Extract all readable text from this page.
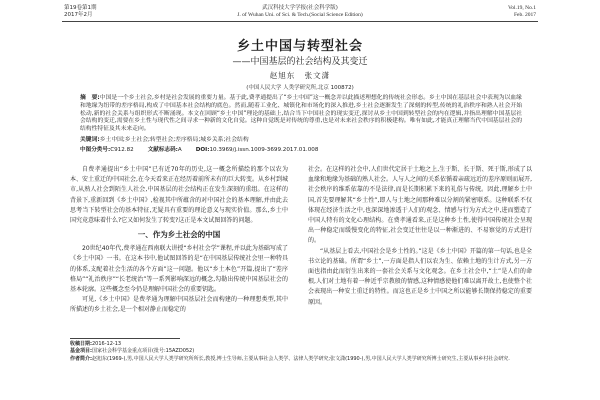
第19卷第1期
2017年2月
武汉科技大学学报(社会科学版)
J. of Wuhan Uni. of Sci. & Tech.(Social Science Edition)
Vol.19, No.1
Feb. 2017
乡土中国与转型社会
——中国基层的社会结构及其变迁
赵旭东 张文潇
(中国人民大学 人类学研究所,北京 100872)
摘　要:中国是一个乡土社会,乡村是社会发展的重要力量。基于此,费孝通提出了“乡土中国”这一概念并以此描述理想化的传统社会形态。乡土中国在基层社会中表现为以血缘和地缘为纽带的差序格局,构成了中国基本社会结构的底色。然而,随着工业化、城镇化和市场化的深入推进,乡土社会逐渐发生了深刻的转型,传统的礼治秩序和熟人社会开始松动,新的社会关系与组织形式不断涌现。本文在回顾“乡土中国”理论的基础上,结合当下中国社会的现实变迁,探讨从乡土中国到转型社会的内在逻辑,并指出理解中国基层社会结构的变迁,需要在乡土性与现代性之间寻求一种新的文化自觉。这种自觉既是对传统的尊重,也是对未来社会秩序的积极建构。唯有如此,才能真正理解当代中国基层社会的结构性特征及其未来走向。
关键词:乡土中国;乡土社会;转型社会;差序格局;城乡关系;社会结构
中图分类号:C912.82	文献标志码:A	DOI:10.3969/j.issn.1009-3699.2017.01.008

自费孝通提出“乡土中国”已有近70年的历史,这一概念所描绘的那个以农为本、安土重迁的中国社会,在今天看来正在经历着前所未有的巨大转变。从乡村到城市,从熟人社会到陌生人社会,中国基层的社会结构正在发生深刻的重组。在这样的背景下,重新回到《乡土中国》,检视其中所蕴含的对中国社会的基本理解,并由此去思考当下转型社会的基本特征,无疑具有重要的理论意义与现实价值。那么,乡土中国究竟意味着什么?它又如何发生了转变?这正是本文试图回答的问题。

一、作为乡土社会的中国

20世纪40年代,费孝通在西南联大讲授“乡村社会学”课程,并以此为基础写成了《乡土中国》一书。在这本书中,他试图回答的是“在中国基层传统社会里一种特具的体系,支配着社会生活的各个方面”这一问题。他以“乡土本色”开篇,提出了“差序格局”“礼治秩序”“长老统治”等一系列影响深远的概念,勾勒出传统中国基层社会的基本轮廓。这些概念至今仍是理解中国社会的重要钥匙。

可见,《乡土中国》是费孝通为理解中国基层社会而构建的一种理想类型,其中所描述的乡土社会,是一个相对静止而稳定的

社会。在这样的社会中,人们世代定居于土地之上,生于斯、长于斯、死于斯,形成了以血缘和地缘为基础的熟人社会。人与人之间的关系依循着亲疏远近的差序原则而展开,社会秩序的维系依靠的不是法律,而是长期积累下来的礼俗与传统。因此,理解乡土中国,首先要理解其“乡土性”,即人与土地之间那种难以分割的紧密联系。这种联系不仅体现在经济生活之中,也深深地渗透于人们的观念、情感与行为方式之中,进而塑造了中国人特有的文化心理结构。在费孝通看来,正是这种乡土性,使得中国传统社会呈现出一种稳定而缓慢变化的特征,社会变迁往往是以一种渐进的、不易察觉的方式进行的。

“从基层上看去,中国社会是乡土性的。”这是《乡土中国》开篇的第一句话,也是全书立论的基础。所谓“乡土”,一方面是指人们以农为生、依赖土地的生计方式,另一方面也指由此而衍生出来的一套社会关系与文化观念。在乡土社会中,“土”是人们的命根,人们对土地有着一种近乎宗教般的情感,这种情感使他们难以离开故土,也使整个社会表现出一种安土重迁的特性。而这也正是乡土中国之所以能够长期保持稳定的重要原因。

收稿日期:2016-12-13
基金项目:国家社会科学基金重点项目(批号:15AZD052)
作者简介:赵旭东(1969-),男,中国人民大学人类学研究所所长,教授,博士生导师,主要从事社会人类学、法律人类学研究;张文潇(1990-),男,中国人民大学人类学研究所博士研究生,主要从事乡村社会研究.
